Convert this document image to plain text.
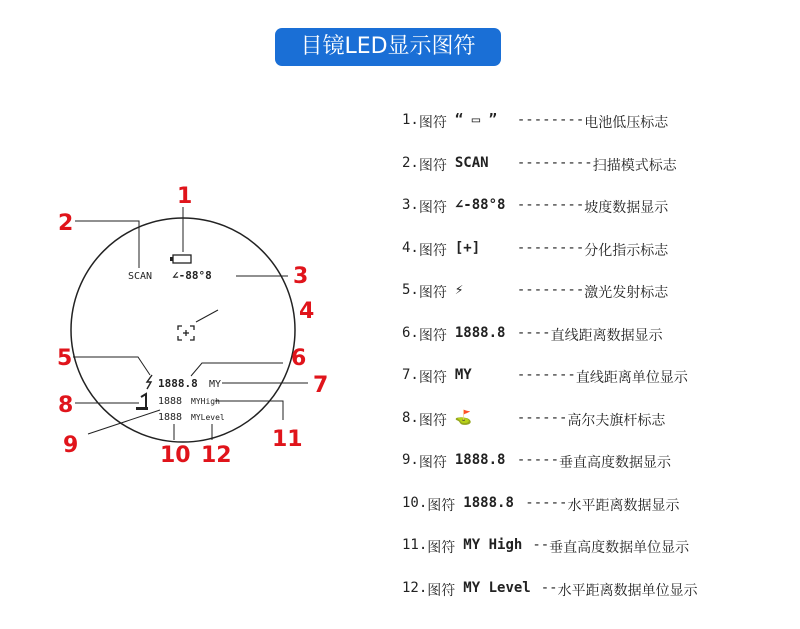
目镜LED显示图符
SCAN ∠-88°8
1888.8 MY
1888 MYHigh
1888 MYLevel
1
2
3
4
5	6
7
8
9	10
11
12
1. 图符 “ ▭ ”	-------- 电池低压标志
2. 图符 SCAN	--------- 扫描模式标志
3. 图符 ∠-88°8 -------- 坡度数据显示
4. 图符 [+]	-------- 分化指示标志
5. 图符 ⚡	-------- 激光发射标志
6. 图符 1888.8 ---- 直线距离数据显示
7. 图符 MY	------- 直线距离单位显示
8. 图符 ⛳	------ 高尔夫旗杆标志
9. 图符 1888.8 ----- 垂直高度数据显示
10. 图符 1888.8 ----- 水平距离数据显示
11. 图符 MY High -- 垂直高度数据单位显示
12. 图符 MY Level -- 水平距离数据单位显示
